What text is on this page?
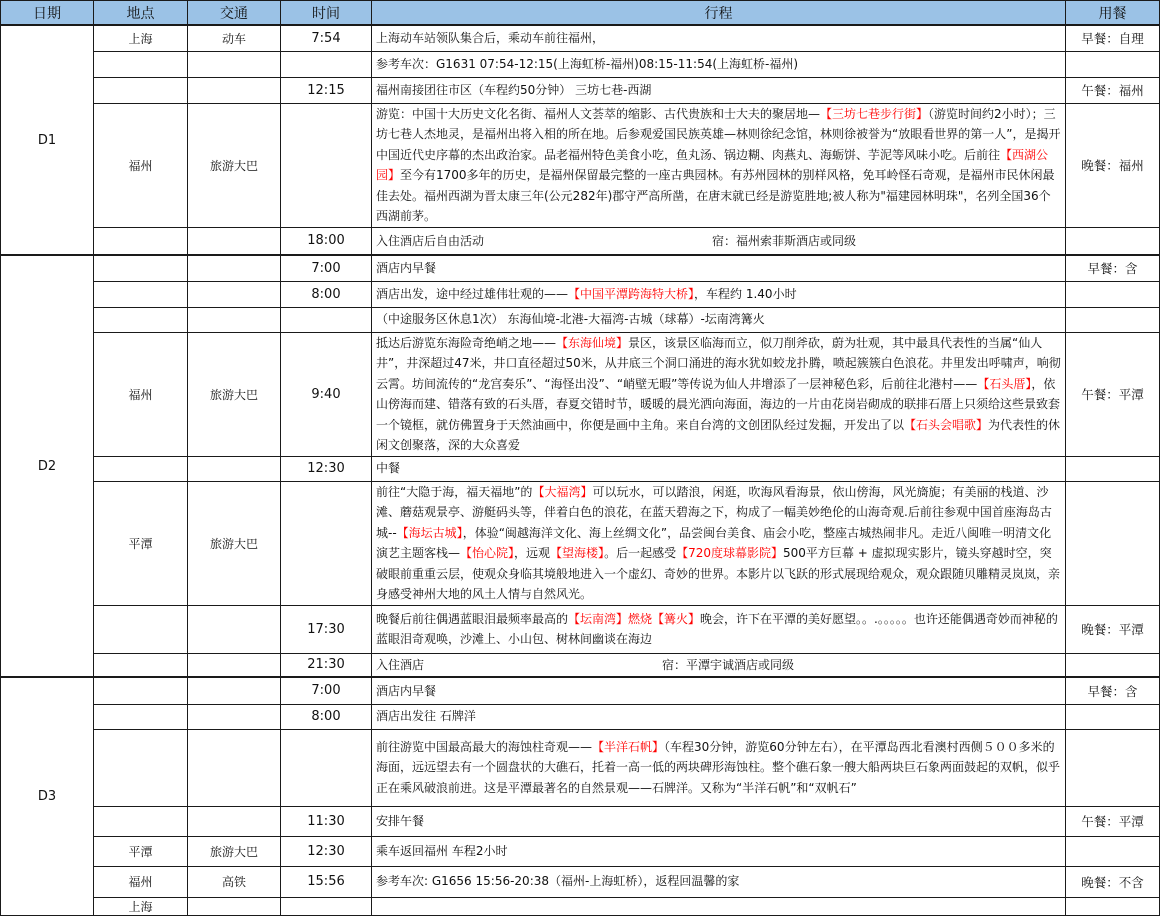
日期	地点	交通	时间	行程	用餐
D1	上海	动车	7:54	上海动车站领队集合后，乘动车前往福州，	早餐：自理
				参考车次：G1631 07:54-12:15(上海虹桥-福州)08:15-11:54(上海虹桥-福州)	
			12:15	福州南接团往市区（车程约50分钟） 三坊七巷-西湖	午餐：福州
	福州	旅游大巴		游览：中国十大历史文化名街、福州人文荟萃的缩影、古代贵族和士大夫的聚居地—【三坊七巷步行街】（游览时间约2小时）；三坊七巷人杰地灵，是福州出将入相的所在地。后参观爱国民族英雄—林则徐纪念馆，林则徐被誉为“放眼看世界的第一人”，是揭开中国近代史序幕的杰出政治家。品老福州特色美食小吃，鱼丸汤、锅边糊、肉燕丸、海蛎饼、芋泥等风味小吃。后前往【西湖公园】至今有1700多年的历史，是福州保留最完整的一座古典园林。有苏州园林的别样风格，免耳岭怪石奇观，是福州市民休闲最佳去处。福州西湖为晋太康三年(公元282年)郡守严高所凿，在唐末就已经是游览胜地;被人称为"福建园林明珠"，名列全国36个西湖前茅。	晚餐：福州
			18:00	入住酒店后自由活动 宿：福州索菲斯酒店或同级	
D2			7:00	酒店内早餐	早餐：含
			8:00	酒店出发，途中经过雄伟壮观的——【中国平潭跨海特大桥】，车程约 1.40小时	
				（中途服务区休息1次） 东海仙境-北港-大福湾-古城（球幕）-坛南湾篝火	
	福州	旅游大巴	9:40	抵达后游览东海险奇绝峭之地——【东海仙境】景区，该景区临海而立，似刀削斧砍，蔚为壮观，其中最具代表性的当属“仙人井”，井深超过47米，井口直径超过50米，从井底三个洞口涌进的海水犹如蛟龙扑腾，喷起簇簇白色浪花。井里发出呼啸声，响彻云霄。坊间流传的“龙宫奏乐”、“海怪出没”、“峭壁无暇”等传说为仙人井增添了一层神秘色彩，后前往北港村——【石头厝】，依山傍海而建、错落有致的石头厝，春夏交错时节，暖暖的晨光洒向海面，海边的一片由花岗岩砌成的联排石厝上只须给这些景致套一个镜框，就仿佛置身于天然油画中，你便是画中主角。来自台湾的文创团队经过发掘，开发出了以【石头会唱歌】为代表性的休闲文创聚落，深的大众喜爱	午餐：平潭
			12:30	中餐	
	平潭	旅游大巴		前往“大隐于海，福天福地”的【大福湾】可以玩水，可以踏浪，闲逛，吹海风看海景，依山傍海，风光旖旎；有美丽的栈道、沙滩、蘑菇观景亭、游艇码头等，伴着白色的浪花，在蓝天碧海之下，构成了一幅美妙绝伦的山海奇观.后前往参观中国首座海岛古城--【海坛古城】，体验“闽越海洋文化、海上丝绸文化”，品尝闽台美食、庙会小吃，整座古城热闹非凡。走近八闽唯一明清文化演艺主题客栈—【怡心院】，远观【望海楼】。后一起感受【720度球幕影院】500平方巨幕 + 虚拟现实影片，镜头穿越时空，突破眼前重重云层，使观众身临其境般地进入一个虚幻、奇妙的世界。本影片以飞跃的形式展现给观众，观众跟随贝雕精灵岚岚，亲身感受神州大地的风土人情与自然风光。	
			17:30	晚餐后前往偶遇蓝眼泪最频率最高的【坛南湾】燃烧【篝火】晚会，许下在平潭的美好愿望。。.。。。。。也许还能偶遇奇妙而神秘的蓝眼泪奇观唤，沙滩上、小山包、树林间幽谈在海边	晚餐：平潭
			21:30	入住酒店 宿：平潭宇诚酒店或同级	
D3			7:00	酒店内早餐	早餐：含
			8:00	酒店出发往 石牌洋	
				前往游览中国最高最大的海蚀柱奇观——【半洋石帆】（车程30分钟，游览60分钟左右），在平潭岛西北看澳村西侧５００多米的海面，远远望去有一个圆盘状的大礁石，托着一高一低的两块碑形海蚀柱。整个礁石象一艘大船两块巨石象两面鼓起的双帆，似乎正在乘风破浪前进。这是平潭最著名的自然景观——石牌洋。又称为“半洋石帆”和“双帆石”	
			11:30	安排午餐	午餐：平潭
	平潭	旅游大巴	12:30	乘车返回福州 车程2小时	
	福州	高铁	15:56	参考车次: G1656 15:56-20:38（福州-上海虹桥），返程回温馨的家	晚餐：不含
	上海				
